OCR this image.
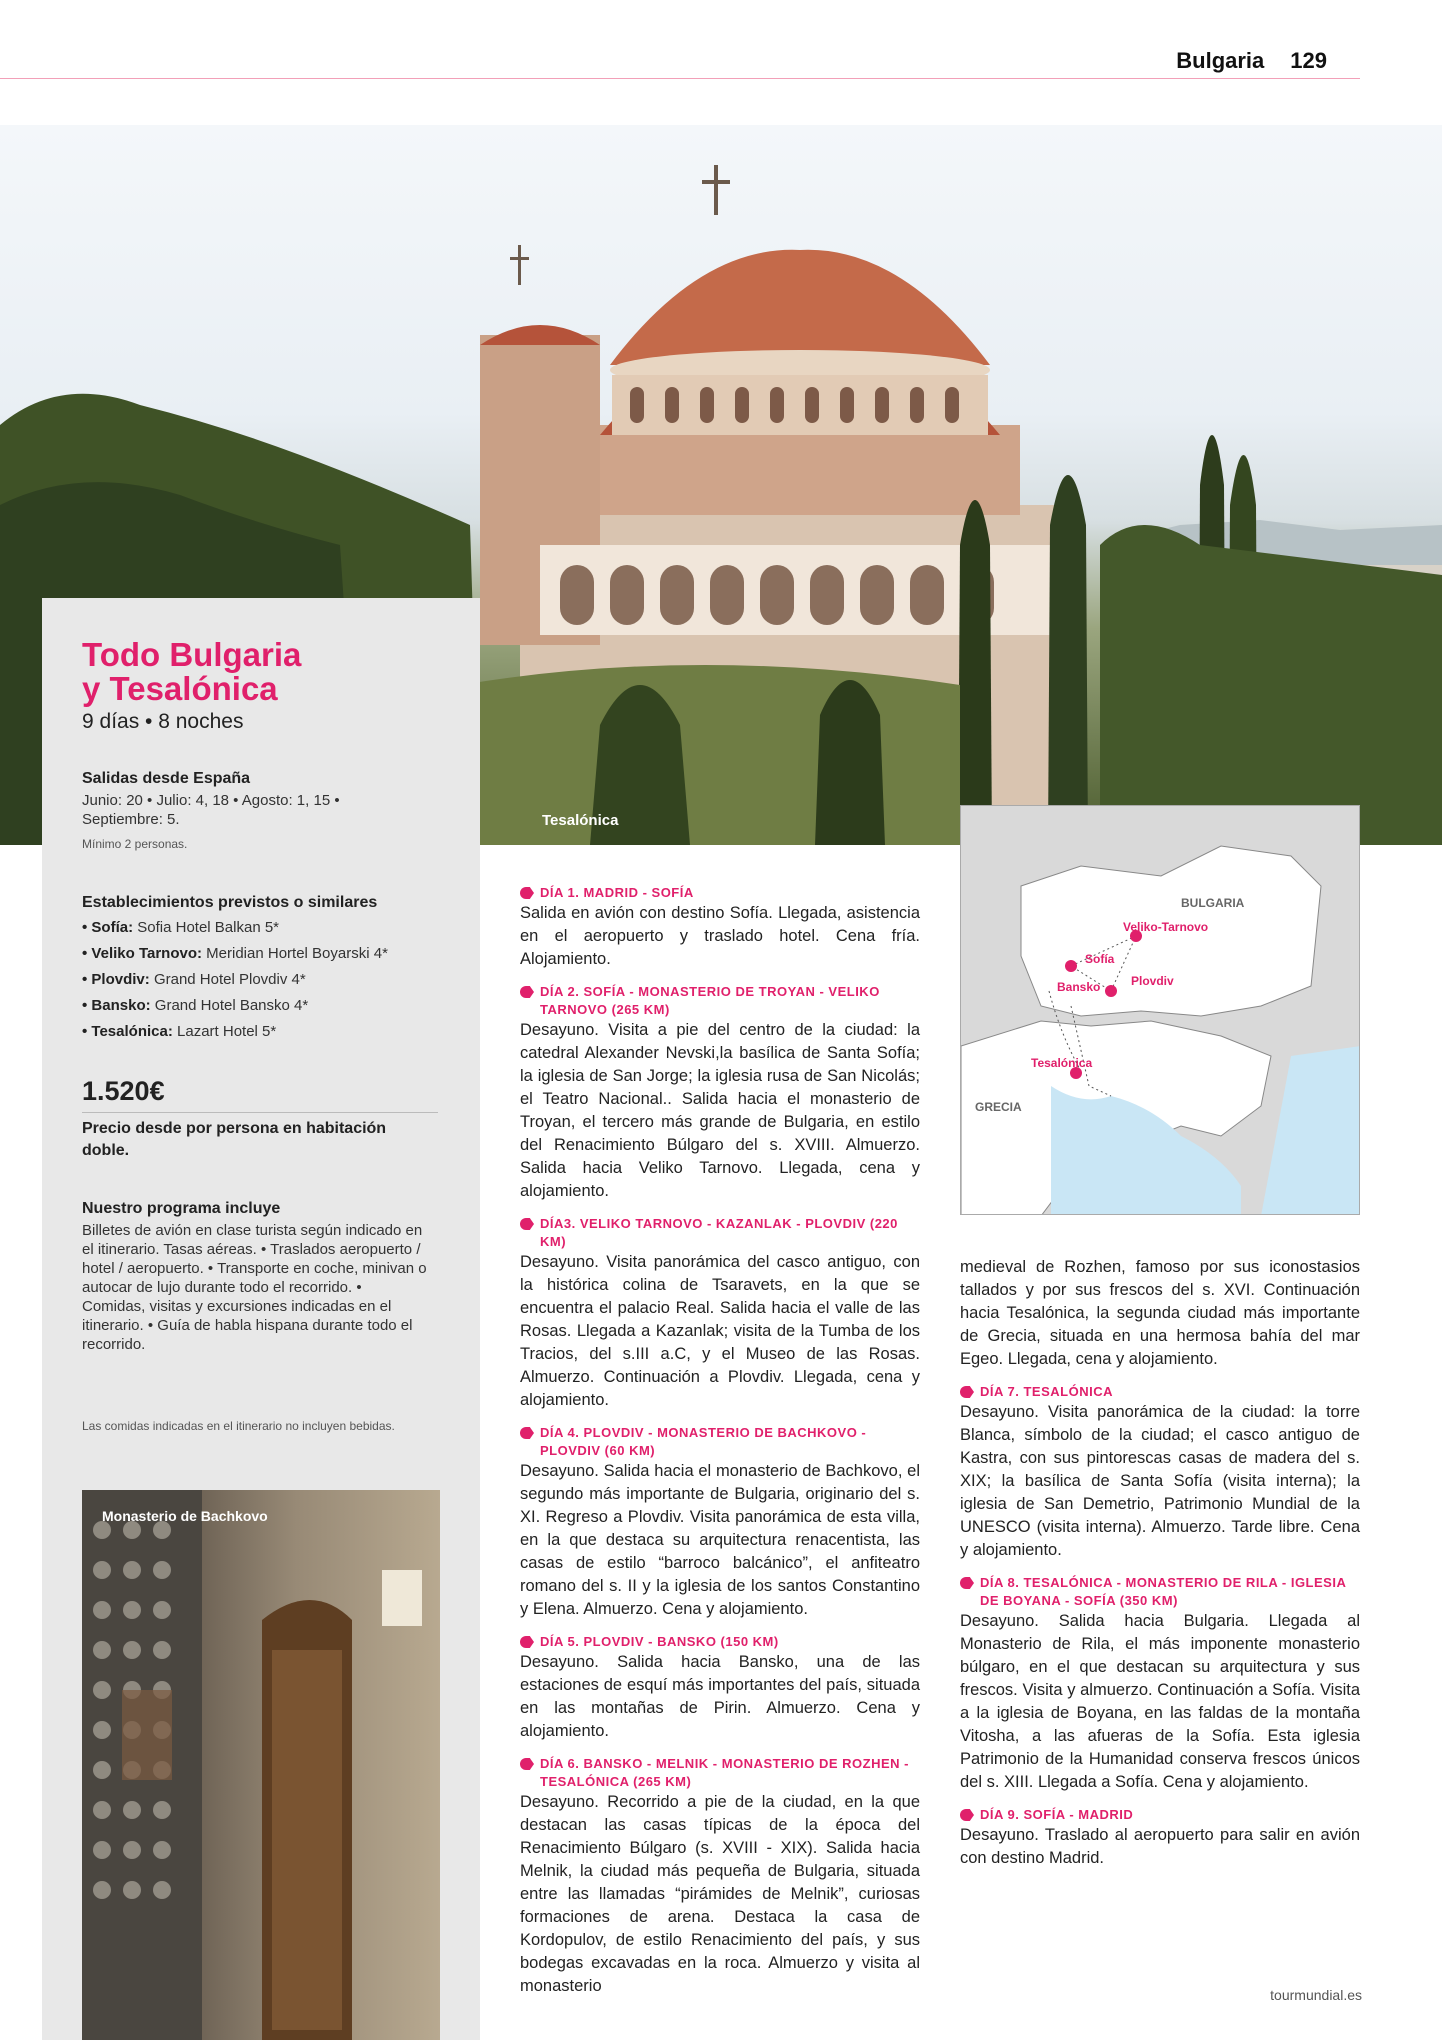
Bulgaria 129
Tesalónica
Todo Bulgaria
y Tesalónica
9 días • 8 noches
Salidas desde España
Junio: 20 • Julio: 4, 18 • Agosto: 1, 15 • Septiembre: 5.
Mínimo 2 personas.
Establecimientos previstos o similares
• Sofía: Sofia Hotel Balkan 5*
• Veliko Tarnovo: Meridian Hortel Boyarski 4*
• Plovdiv: Grand Hotel Plovdiv 4*
• Bansko: Grand Hotel Bansko 4*
• Tesalónica: Lazart Hotel 5*
1.520€
Precio desde por persona en habitación doble.
Nuestro programa incluye
Billetes de avión en clase turista según indicado en el itinerario. Tasas aéreas. • Traslados aeropuerto / hotel / aeropuerto. • Transporte en coche, minivan o autocar de lujo durante todo el recorrido. • Comidas, visitas y excursiones indicadas en el itinerario. • Guía de habla hispana durante todo el recorrido.
Las comidas indicadas en el itinerario no incluyen bebidas.
Monasterio de Bachkovo
DÍA 1. MADRID - SOFÍA
Salida en avión con destino Sofía. Llegada, asistencia en el aeropuerto y traslado hotel. Cena fría. Alojamiento.
DÍA 2. SOFÍA - MONASTERIO DE TROYAN - VELIKO TARNOVO (265 KM)
Desayuno. Visita a pie del centro de la ciudad: la catedral Alexander Nevski,la basílica de Santa Sofía; la iglesia de San Jorge; la iglesia rusa de San Nicolás; el Teatro Nacional.. Salida hacia el monasterio de Troyan, el tercero más grande de Bulgaria, en estilo del Renacimiento Búlgaro del s. XVIII. Almuerzo. Salida hacia Veliko Tarnovo. Llegada, cena y alojamiento.
DÍA3. VELIKO TARNOVO - KAZANLAK - PLOVDIV (220 KM)
Desayuno. Visita panorámica del casco antiguo, con la histórica colina de Tsaravets, en la que se encuentra el palacio Real. Salida hacia el valle de las Rosas. Llegada a Kazanlak; visita de la Tumba de los Tracios, del s.III a.C, y el Museo de las Rosas. Almuerzo. Continuación a Plovdiv. Llegada, cena y alojamiento.
DÍA 4. PLOVDIV - MONASTERIO DE BACHKOVO - PLOVDIV (60 KM)
Desayuno. Salida hacia el monasterio de Bachkovo, el segundo más importante de Bulgaria, originario del s. XI. Regreso a Plovdiv. Visita panorámica de esta villa, en la que destaca su arquitectura renacentista, las casas de estilo “barroco balcánico”, el anfiteatro romano del s. II y la iglesia de los santos Constantino y Elena. Almuerzo. Cena y alojamiento.
DÍA 5. PLOVDIV - BANSKO (150 KM)
Desayuno. Salida hacia Bansko, una de las estaciones de esquí más importantes del país, situada en las montañas de Pirin. Almuerzo. Cena y alojamiento.
DÍA 6. BANSKO - MELNIK - MONASTERIO DE ROZHEN - TESALÓNICA (265 KM)
Desayuno. Recorrido a pie de la ciudad, en la que destacan las casas típicas de la época del Renacimiento Búlgaro (s. XVIII - XIX). Salida hacia Melnik, la ciudad más pequeña de Bulgaria, situada entre las llamadas “pirámides de Melnik”, curiosas formaciones de arena. Destaca la casa de Kordopulov, de estilo Renacimiento del país, y sus bodegas excavadas en la roca. Almuerzo y visita al monasterio
BULGARIA
GRECIA
Sofía
Veliko-Tarnovo
Bansko	Plovdiv
Tesalónica
medieval de Rozhen, famoso por sus iconostasios tallados y por sus frescos del s. XVI. Continuación hacia Tesalónica, la segunda ciudad más importante de Grecia, situada en una hermosa bahía del mar Egeo. Llegada, cena y alojamiento.
DÍA 7. TESALÓNICA
Desayuno. Visita panorámica de la ciudad: la torre Blanca, símbolo de la ciudad; el casco antiguo de Kastra, con sus pintorescas casas de madera del s. XIX; la basílica de Santa Sofía (visita interna); la iglesia de San Demetrio, Patrimonio Mundial de la UNESCO (visita interna). Almuerzo. Tarde libre. Cena y alojamiento.
DÍA 8. TESALÓNICA - MONASTERIO DE RILA - IGLESIA DE BOYANA - SOFÍA (350 KM)
Desayuno. Salida hacia Bulgaria. Llegada al Monasterio de Rila, el más imponente monasterio búlgaro, en el que destacan su arquitectura y sus frescos. Visita y almuerzo. Continuación a Sofía. Visita a la iglesia de Boyana, en las faldas de la montaña Vitosha, a las afueras de la Sofía. Esta iglesia Patrimonio de la Humanidad conserva frescos únicos del s. XIII. Llegada a Sofía. Cena y alojamiento.
DÍA 9. SOFÍA - MADRID
Desayuno. Traslado al aeropuerto para salir en avión con destino Madrid.
tourmundial.es
